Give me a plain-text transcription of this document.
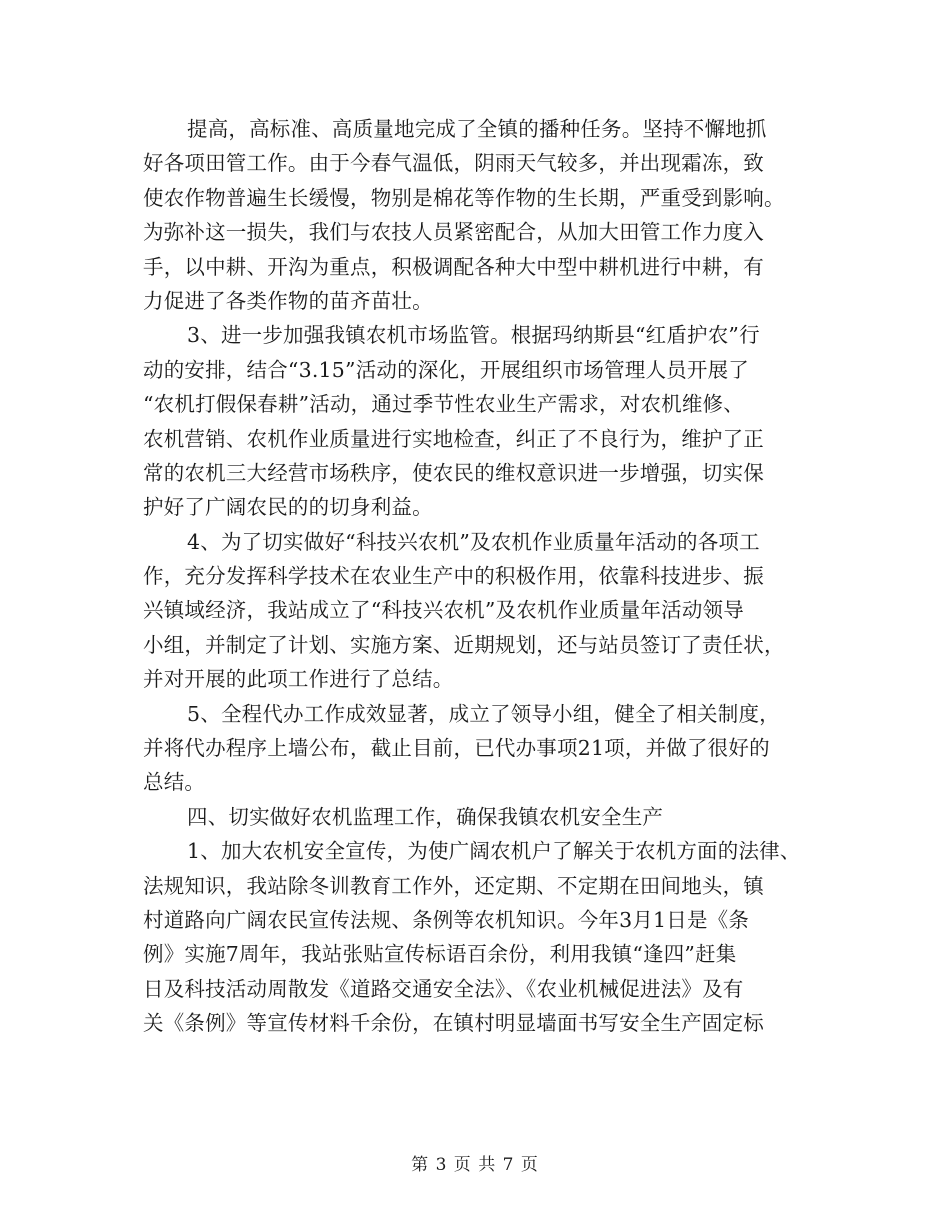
提高，高标准、高质量地完成了全镇的播种任务。坚持不懈地抓
好各项田管工作。由于今春气温低，阴雨天气较多，并出现霜冻，致
使农作物普遍生长缓慢，物别是棉花等作物的生长期，严重受到影响。
为弥补这一损失，我们与农技人员紧密配合，从加大田管工作力度入
手，以中耕、开沟为重点，积极调配各种大中型中耕机进行中耕，有
力促进了各类作物的苗齐苗壮。
3、进一步加强我镇农机市场监管。根据玛纳斯县“红盾护农”行
动的安排，结合“3.15”活动的深化，开展组织市场管理人员开展了
“农机打假保春耕”活动，通过季节性农业生产需求，对农机维修、
农机营销、农机作业质量进行实地检查，纠正了不良行为，维护了正
常的农机三大经营市场秩序，使农民的维权意识进一步增强，切实保
护好了广阔农民的的切身利益。
4、为了切实做好“科技兴农机”及农机作业质量年活动的各项工
作，充分发挥科学技术在农业生产中的积极作用，依靠科技进步、振
兴镇域经济，我站成立了“科技兴农机”及农机作业质量年活动领导
小组，并制定了计划、实施方案、近期规划，还与站员签订了责任状，
并对开展的此项工作进行了总结。
5、全程代办工作成效显著，成立了领导小组，健全了相关制度，
并将代办程序上墙公布，截止目前，已代办事项21项，并做了很好的
总结。
四、切实做好农机监理工作，确保我镇农机安全生产
1、加大农机安全宣传，为使广阔农机户了解关于农机方面的法律、
法规知识，我站除冬训教育工作外，还定期、不定期在田间地头，镇
村道路向广阔农民宣传法规、条例等农机知识。今年3月1日是《条
例》实施7周年，我站张贴宣传标语百余份，利用我镇“逢四”赶集
日及科技活动周散发《道路交通安全法》、《农业机械促进法》及有
关《条例》等宣传材料千余份，在镇村明显墙面书写安全生产固定标
第 3 页 共 7 页
